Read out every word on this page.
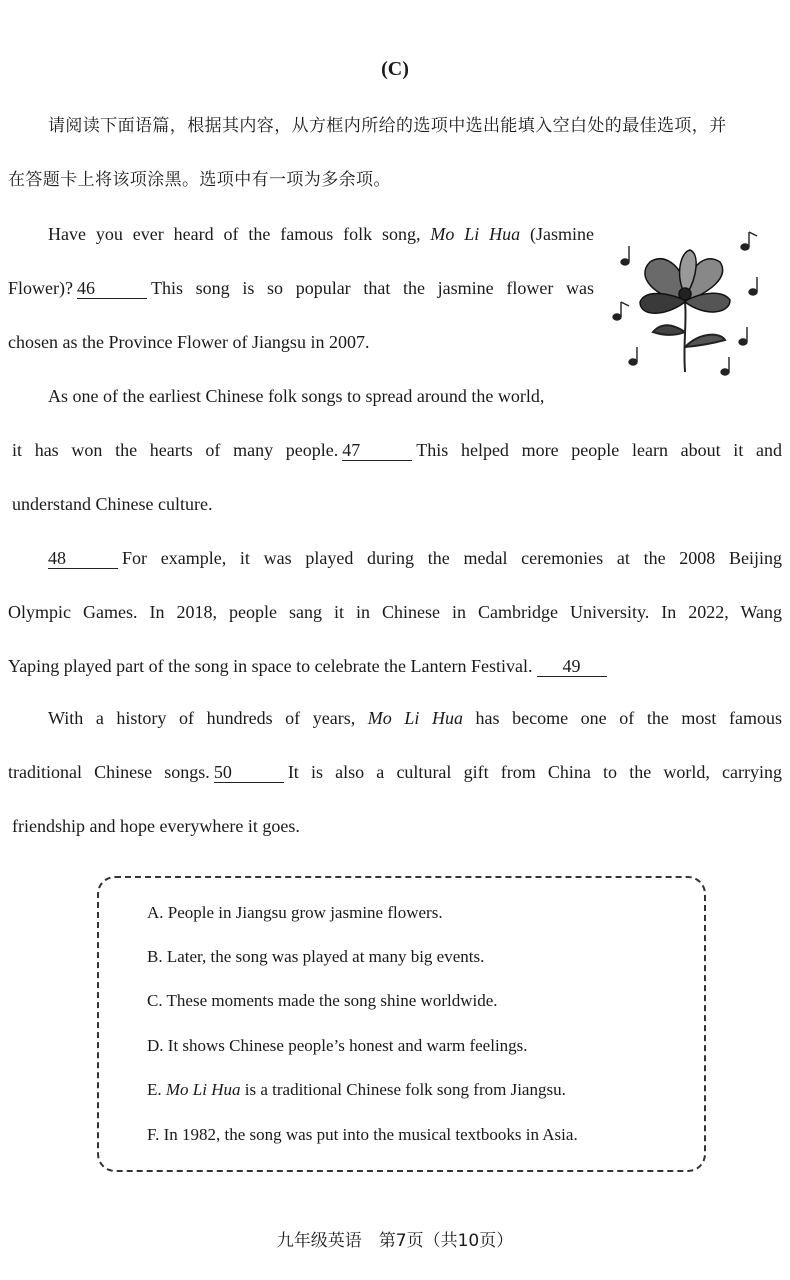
(C)
请阅读下面语篇，根据其内容，从方框内所给的选项中选出能填入空白处的最佳选项，并
在答题卡上将该项涂黑。选项中有一项为多余项。
Have you ever heard of the famous folk song, Mo Li Hua (Jasmine
Flower)? 46	This song is so popular that the jasmine flower was
chosen as the Province Flower of Jiangsu in 2007.
As one of the earliest Chinese folk songs to spread around the world,
it has won the hearts of many people. 47	This helped more people learn about it and
understand Chinese culture.
48	For example, it was played during the medal ceremonies at the 2008 Beijing
Olympic Games. In 2018, people sang it in Chinese in Cambridge University. In 2022, Wang
Yaping played part of the song in space to celebrate the Lantern Festival. 49
With a history of hundreds of years, Mo Li Hua has become one of the most famous
traditional Chinese songs. 50	It is also a cultural gift from China to the world, carrying
friendship and hope everywhere it goes.
A. People in Jiangsu grow jasmine flowers.
B. Later, the song was played at many big events.
C. These moments made the song shine worldwide.
D. It shows Chinese people’s honest and warm feelings.
E. Mo Li Hua is a traditional Chinese folk song from Jiangsu.
F. In 1982, the song was put into the musical textbooks in Asia.
九年级英语　第7页（共10页）
